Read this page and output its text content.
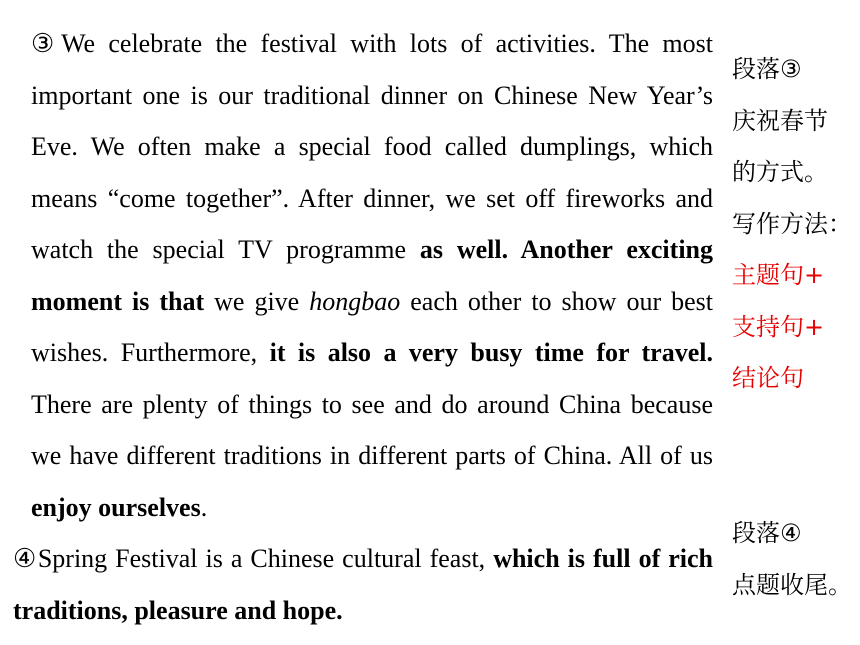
③We celebrate the festival with lots of activities. The most important one is our traditional dinner on Chinese New Year’s Eve. We often make a special food called dumplings, which means “come together”. After dinner, we set off fireworks and watch the special TV programme as well. Another exciting moment is that we give hongbao each other to show our best wishes. Furthermore, it is also a very busy time for travel. There are plenty of things to see and do around China because we have different traditions in different parts of China. All of us enjoy ourselves.

④Spring Festival is a Chinese cultural feast, which is full of rich traditions, pleasure and hope.

段落③
庆祝春节
的方式。
写作方法：
主题句+
支持句+
结论句
段落④
点题收尾。
